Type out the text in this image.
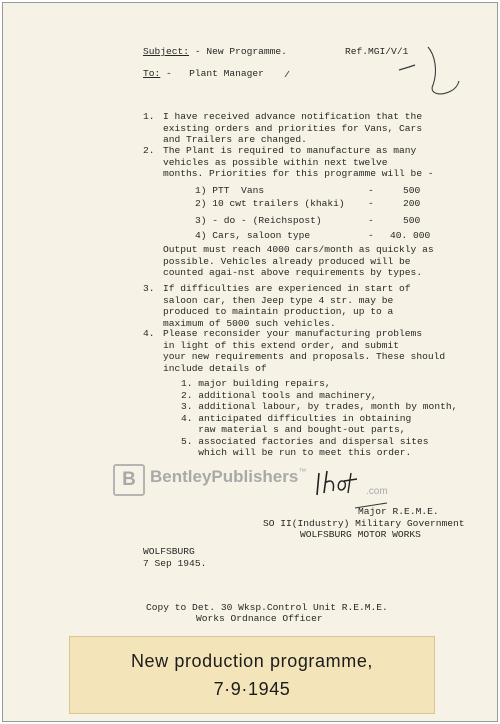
Subject: - New Programme.	Ref.MGI/V/1
To: -   Plant Manager
1. I have received advance notification that the
existing orders and priorities for Vans, Cars
and Trailers are changed.
2. The Plant is required to manufacture as many
vehicles as possible within next twelve
months. Priorities for this programme will be -
1) PTT  Vans	-	500
2) 10 cwt trailers (khaki) -	200
3) - do - (Reichspost)	-	500
4) Cars, saloon type	- 40. 000
Output must reach 4000 cars/month as quickly as
possible. Vehicles already produced will be
counted agai-nst above requirements by types.
3. If difficulties are experienced in start of
saloon car, then Jeep type 4 str. may be
produced to maintain production, up to a
maximum of 5000 such vehicles.
4. Please reconsider your manufacturing problems
in light of this extend order, and submit
your new requirements and proposals. These should
include details of
1. major building repairs,
2. additional tools and machinery,
3. additional labour, by trades, month by month,
4. anticipated difficulties in obtaining
raw material s and bought-out parts,
5. associated factories and dispersal sites
which will be run to meet this order.
B BentleyPublishers™
.com
Major R.E.M.E.
SO II(Industry) Military Government
WOLFSBURG MOTOR WORKS
WOLFSBURG
7 Sep 1945.
Copy to Det. 30 Wksp.Control Unit R.E.M.E.
Works Ordnance Officer
New production programme,
7·9·1945
